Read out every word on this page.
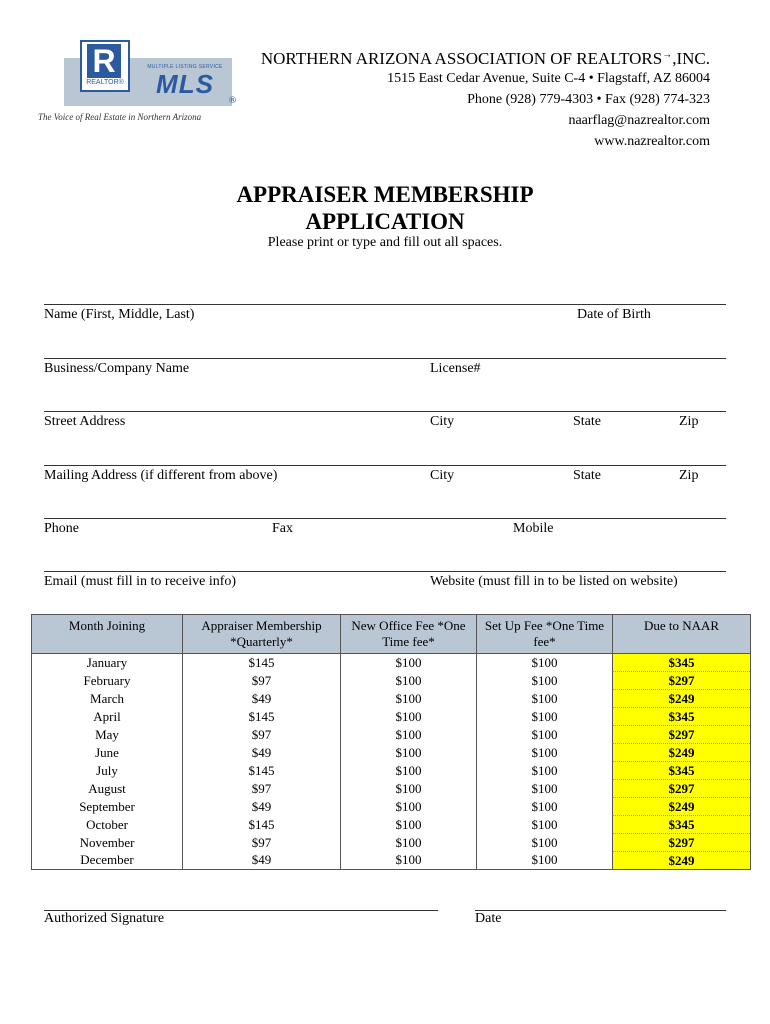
R
REALTOR®
MULTIPLE LISTING SERVICE
MLS
®
The Voice of Real Estate in Northern Arizona
NORTHERN ARIZONA ASSOCIATION OF REALTORS→,INC.
1515 East Cedar Avenue, Suite C-4 • Flagstaff, AZ 86004
Phone (928) 779-4303 • Fax (928) 774-323
naarflag@nazrealtor.com
www.nazrealtor.com
APPRAISER MEMBERSHIP
APPLICATION
Please print or type and fill out all spaces.
Name (First, Middle, Last)	Date of Birth
Business/Company Name	License#
Street Address	City	State	Zip
Mailing Address (if different from above)	City	State	Zip
Phone	Fax	Mobile
Email (must fill in to receive info)	Website (must fill in to be listed on website)
Month Joining	Appraiser Membership *Quarterly*	New Office Fee *One Time fee*	Set Up Fee *One Time fee*	Due to NAAR
January	$145	$100	$100	$345
February	$97	$100	$100	$297
March	$49	$100	$100	$249
April	$145	$100	$100	$345
May	$97	$100	$100	$297
June	$49	$100	$100	$249
July	$145	$100	$100	$345
August	$97	$100	$100	$297
September	$49	$100	$100	$249
October	$145	$100	$100	$345
November	$97	$100	$100	$297
December	$49	$100	$100	$249
Authorized Signature	Date
